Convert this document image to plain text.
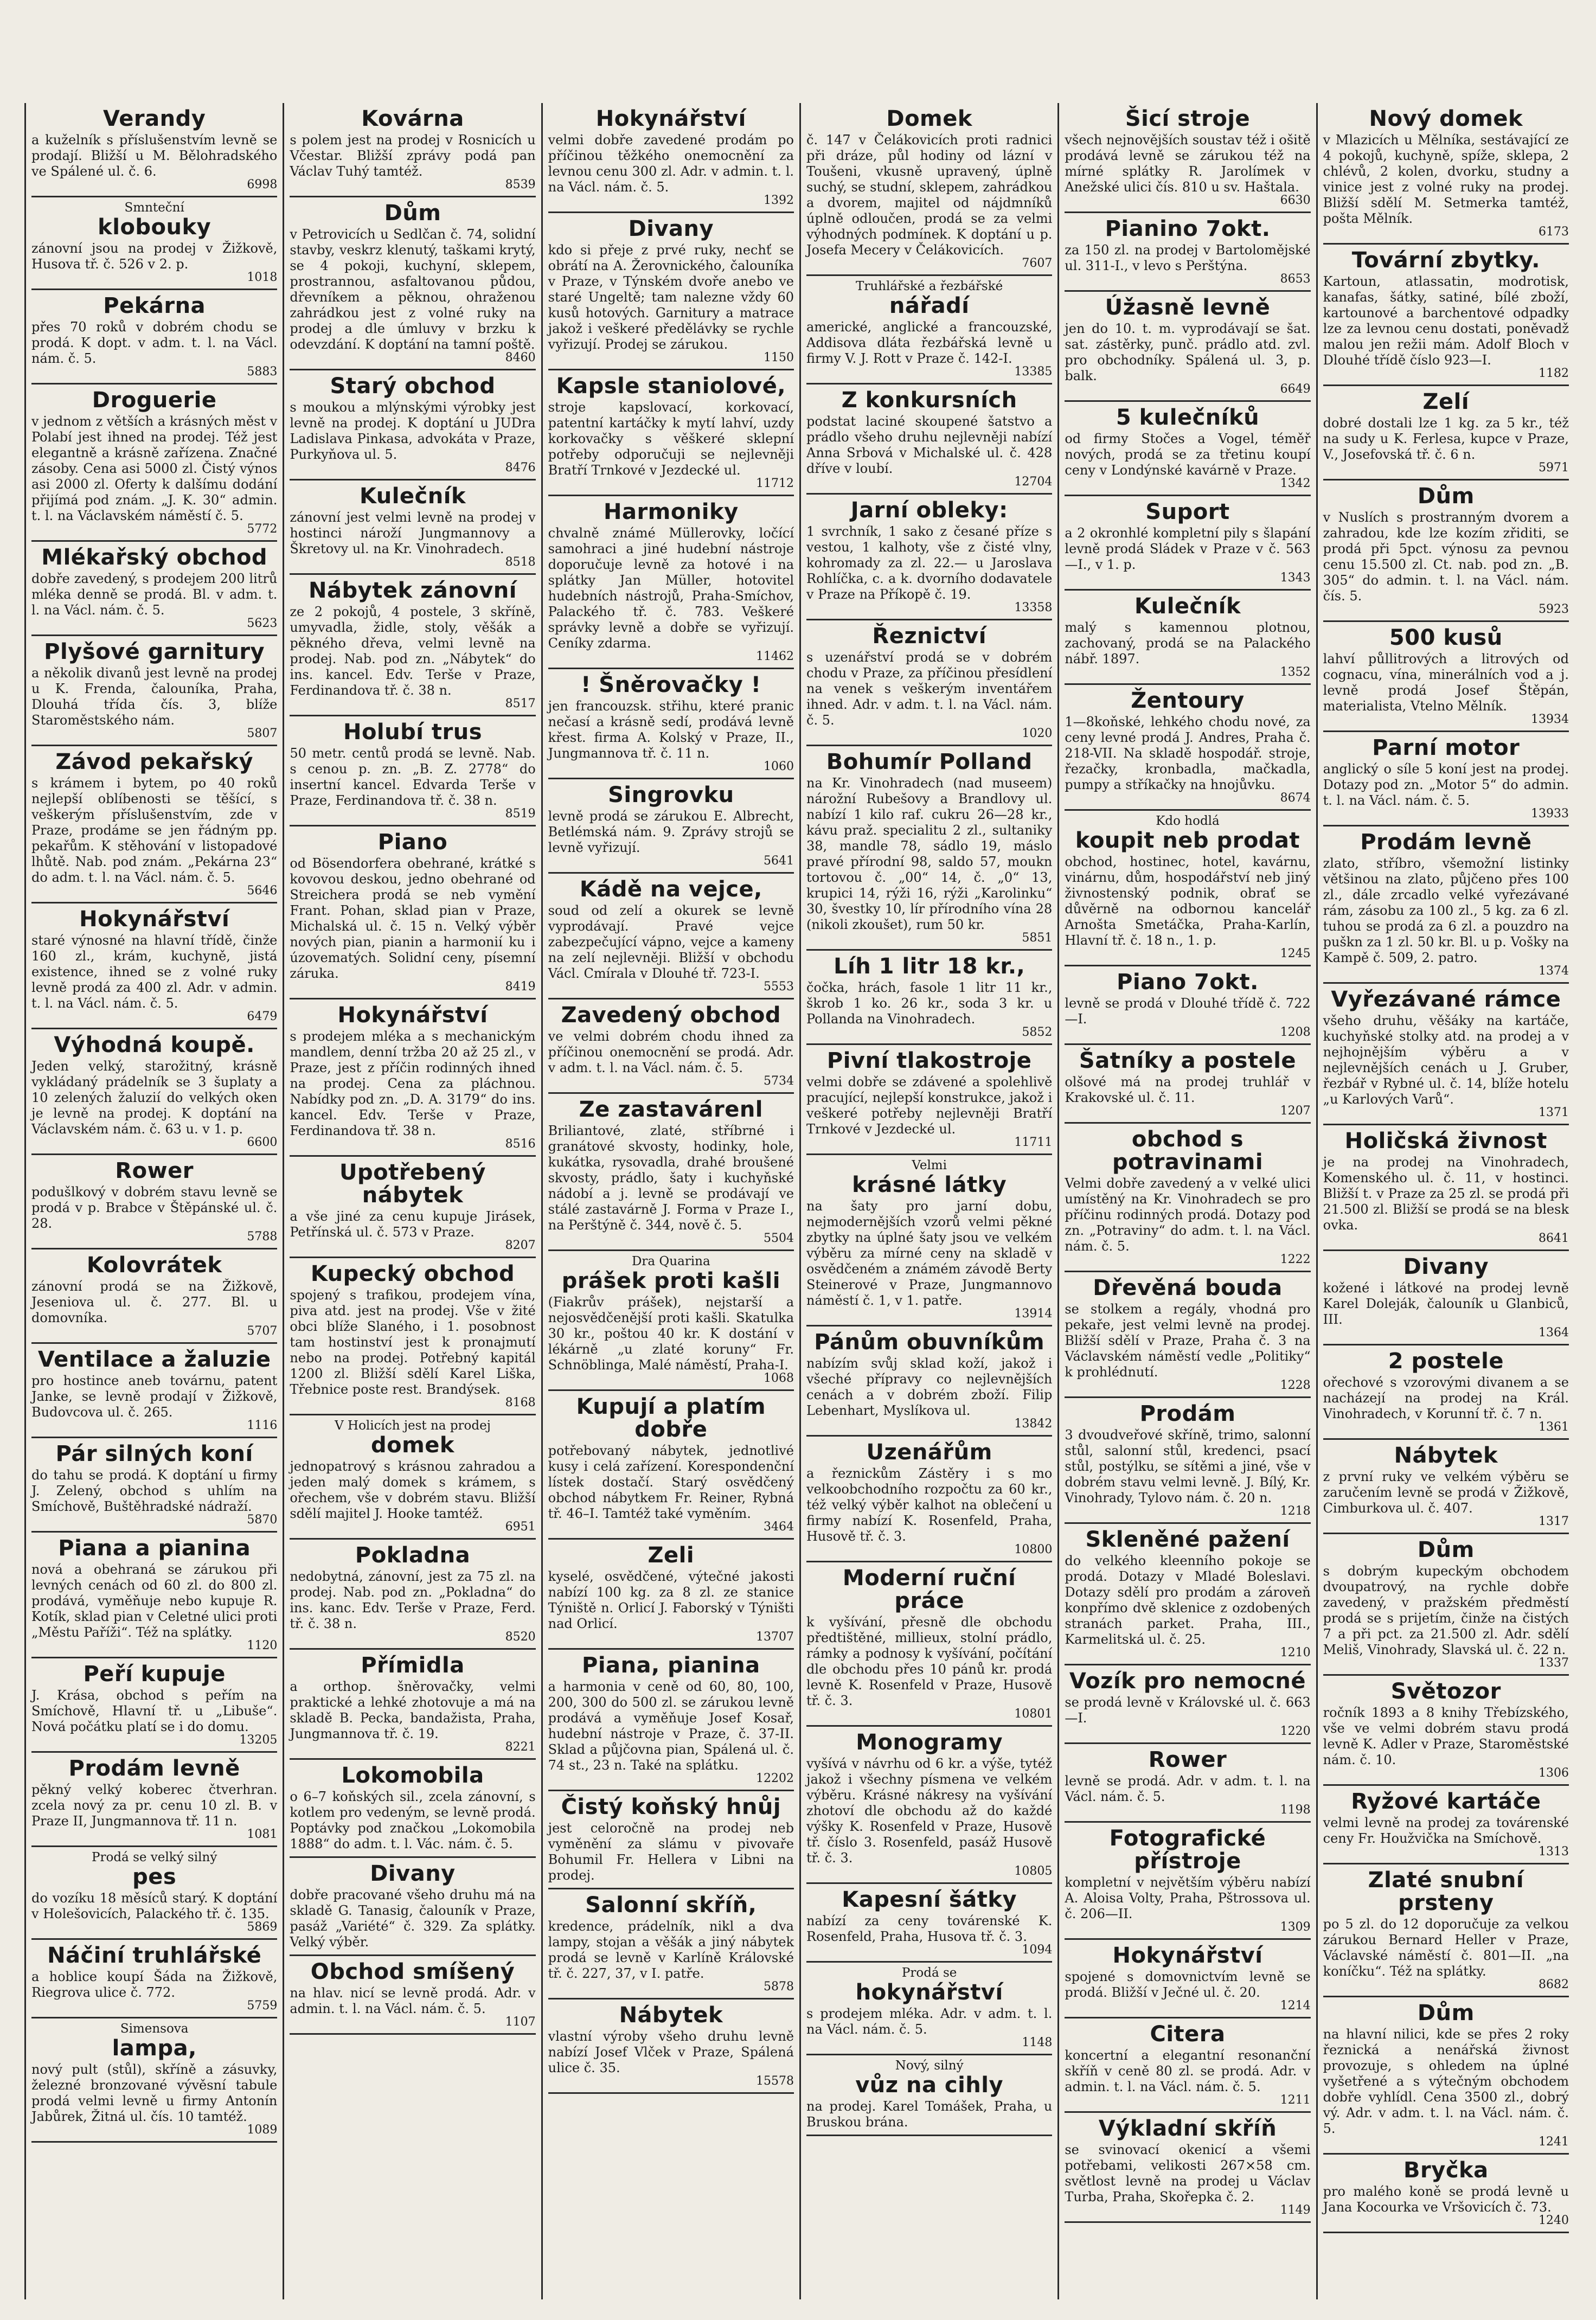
Verandy
a kuželník s příslušenstvím levně se prodají. Bližší u M. Bělohradského ve Spálené ul. č. 6.
6998
Smnteční
klobouky
zánovní jsou na prodej v Žižkově, Husova tř. č. 526 v 2. p.
1018
Pekárna
přes 70 roků v dobrém chodu se prodá. K dopt. v adm. t. l. na Václ. nám. č. 5.
5883
Droguerie
v jednom z větších a krásných měst v Polabí jest ihned na prodej. Též jest elegantně a krásně zařízena. Značné zásoby. Cena asi 5000 zl. Čistý výnos asi 2000 zl. Oferty k dalšímu dodání přijímá pod znám. „J. K. 30“ admin. t. l. na Václavském náměstí č. 5.
5772
Mlékařský obchod
dobře zavedený, s prodejem 200 litrů mléka denně se prodá. Bl. v adm. t. l. na Václ. nám. č. 5.
5623
Plyšové garnitury
a několik divanů jest levně na prodej u K. Frenda, čalouníka, Praha, Dlouhá třída čís. 3, blíže Staroměstského nám.
5807
Závod pekařský
s krámem i bytem, po 40 roků nejlepší oblíbenosti se těšící, s veškerým příslušenstvím, zde v Praze, prodáme se jen řádným pp. pekařům. K stěhování v listopadové lhůtě. Nab. pod znám. „Pekárna 23“ do adm. t. l. na Václ. nám. č. 5.
5646
Hokynářství
staré výnosné na hlavní třídě, činže 160 zl., krám, kuchyně, jistá existence, ihned se z volné ruky levně prodá za 400 zl. Adr. v admin. t. l. na Václ. nám. č. 5.
6479
Výhodná koupě.
Jeden velký, starožitný, krásně vykládaný prádelník se 3 šuplaty a 10 zelených žaluzií do velkých oken je levně na prodej. K doptání na Václavském nám. č. 63 u. v 1. p.
6600
Rower
podušlkový v dobrém stavu levně se prodá v p. Brabce v Štěpánské ul. č. 28.
5788
Kolovrátek
zánovní prodá se na Žižkově, Jeseniova ul. č. 277. Bl. u domovníka.
5707
Ventilace a žaluzie
pro hostince aneb továrnu, patent Janke, se levně prodají v Žižkově, Budovcova ul. č. 265.
1116
Pár silných koní
do tahu se prodá. K doptání u firmy J. Zelený, obchod s uhlím na Smíchově, Buštěhradské nádraží.
5870
Piana a pianina
nová a obehraná se zárukou při levných cenách od 60 zl. do 800 zl. prodává, vyměňuje nebo kupuje R. Kotík, sklad pian v Celetné ulici proti „Městu Paříži“. Též na splátky.
1120
Peří kupuje
J. Krása, obchod s peřím na Smíchově, Hlavní tř. u „Libuše“. Nová počátku platí se i do domu.
13205
Prodám levně
pěkný velký koberec čtverhran. zcela nový za pr. cenu 10 zl. B. v Praze II, Jungmannova tř. 11 n.
1081
Prodá se velký silný
pes
do vozíku 18 měsíců starý. K doptání v Holešovicích, Palackého tř. č. 135.
5869
Náčiní truhlářské
a hoblice koupí Šáda na Žižkově, Riegrova ulice č. 772.
5759
Simensova
lampa,
nový pult (stůl), skříně a zásuvky, železné bronzované vývěsní tabule prodá velmi levně u firmy Antonín Jabůrek, Žitná ul. čís. 10 tamtéž.
1089
Kovárna
s polem jest na prodej v Rosnicích u Včestar. Bližší zprávy podá pan Václav Tuhý tamtéž.
8539
Dům
v Petrovicích u Sedlčan č. 74, solidní stavby, veskrz klenutý, taškami krytý, se 4 pokoji, kuchyní, sklepem, prostrannou, asfaltovanou půdou, dřevníkem a pěknou, ohraženou zahrádkou jest z volné ruky na prodej a dle úmluvy v brzku k odevzdání. K doptání na tamní poště.
8460
Starý obchod
s moukou a mlýnskými výrobky jest levně na prodej. K doptání u JUDra Ladislava Pinkasa, advokáta v Praze, Purkyňova ul. 5.
8476
Kulečník
zánovní jest velmi levně na prodej v hostinci nároží Jungmannovy a Škretovy ul. na Kr. Vinohradech.
8518
Nábytek zánovní
ze 2 pokojů, 4 postele, 3 skříně, umyvadla, židle, stoly, věšák a pěkného dřeva, velmi levně na prodej. Nab. pod zn. „Nábytek“ do ins. kancel. Edv. Terše v Praze, Ferdinandova tř. č. 38 n.
8517
Holubí trus
50 metr. centů prodá se levně. Nab. s cenou p. zn. „B. Z. 2778“ do insertní kancel. Edvarda Terše v Praze, Ferdinandova tř. č. 38 n.
8519
Piano
od Bösendorfera obehrané, krátké s kovovou deskou, jedno obehrané od Streichera prodá se neb vymění Frant. Pohan, sklad pian v Praze, Michalská ul. č. 15 n. Velký výběr nových pian, pianin a harmonií ku i úzovematých. Solidní ceny, písemní záruka.
8419
Hokynářství
s prodejem mléka a s mechanickým mandlem, denní tržba 20 až 25 zl., v Praze, jest z příčin rodinných ihned na prodej. Cena za pláchnou. Nabídky pod zn. „D. A. 3179“ do ins. kancel. Edv. Terše v Praze, Ferdinandova tř. 38 n.
8516
Upotřebený nábytek
a vše jiné za cenu kupuje Jirásek, Petřínská ul. č. 573 v Praze.
8207
Kupecký obchod
spojený s trafikou, prodejem vína, piva atd. jest na prodej. Vše v žité obci blíže Slaného, i 1. posobnost tam hostinství jest k pronajmutí nebo na prodej. Potřebný kapitál 1200 zl. Bližší sdělí Karel Liška, Třebnice poste rest. Brandýsek.
8168
V Holicích jest na prodej
domek
jednopatrový s krásnou zahradou a jeden malý domek s krámem, s ořechem, vše v dobrém stavu. Bližší sdělí majitel J. Hooke tamtéž.
6951
Pokladna
nedobytná, zánovní, jest za 75 zl. na prodej. Nab. pod zn. „Pokladna“ do ins. kanc. Edv. Terše v Praze, Ferd. tř. č. 38 n.
8520
Přímidla
a orthop. šněrovačky, velmi praktické a lehké zhotovuje a má na skladě B. Pecka, bandažista, Praha, Jungmannova tř. č. 19.
8221
Lokomobila
o 6–7 koňských sil., zcela zánovní, s kotlem pro vedeným, se levně prodá. Poptávky pod značkou „Lokomobila 1888“ do adm. t. l. Vác. nám. č. 5.
Divany
dobře pracované všeho druhu má na skladě G. Tanasig, čalouník v Praze, pasáž „Variété“ č. 329. Za splátky. Velký výběr.
Obchod smíšený
na hlav. nicí se levně prodá. Adr. v admin. t. l. na Václ. nám. č. 5.
1107
Hokynářství
velmi dobře zavedené prodám po příčinou těžkého onemocnění za levnou cenu 300 zl. Adr. v admin. t. l. na Václ. nám. č. 5.
1392
Divany
kdo si přeje z prvé ruky, nechť se obrátí na A. Žerovnického, čalouníka v Praze, v Týnském dvoře anebo ve staré Ungeltě; tam nalezne vždy 60 kusů hotových. Garnitury a matrace jakož i veškeré předělávky se rychle vyřizují. Prodej se zárukou.
1150
Kapsle staniolové,
stroje kapslovací, korkovací, patentní kartáčky k mytí lahví, uzdy korkovačky s věškeré sklepní potřeby odporučuji se nejlevněji Bratří Trnkové v Jezdecké ul.
11712
Harmoniky
chvalně známé Müllerovky, ločící samohraci a jiné hudební nástroje doporučuje levně za hotové i na splátky Jan Müller, hotovitel hudebních nástrojů, Praha-Smíchov, Palackého tř. č. 783. Veškeré správky levně a dobře se vyřizují. Ceníky zdarma.
11462
! Šněrovačky !
jen francouzsk. střihu, které pranic nečasí a krásně sedí, prodává levně křest. firma A. Kolský v Praze, II., Jungmannova tř. č. 11 n.
1060
Singrovku
levně prodá se zárukou E. Albrecht, Betlémská nám. 9. Zprávy strojů se levně vyřizují.
5641
Kádě na vejce,
soud od zelí a okurek se levně vyprodávají. Pravé vejce zabezpečující vápno, vejce a kameny na zelí nejlevněji. Bližší v obchodu Václ. Cmírala v Dlouhé tř. 723-I.
5553
Zavedený obchod
ve velmi dobrém chodu ihned za příčinou onemocnění se prodá. Adr. v adm. t. l. na Václ. nám. č. 5.
5734
Ze zastavárenl
Briliantové, zlaté, stříbrné i granátové skvosty, hodinky, hole, kukátka, rysovadla, drahé broušené skvosty, prádlo, šaty i kuchyňské nádobí a j. levně se prodávají ve stálé zastavárně J. Forma v Praze I., na Perštýně č. 344, nově č. 5.
5504
Dra Quarina
prášek proti kašli
(Fiakrův prášek), nejstarší a nejosvědčenější proti kašli. Skatulka 30 kr., poštou 40 kr. K dostání v lékárně „u zlaté koruny“ Fr. Schnöblinga, Malé náměstí, Praha-I.
1068
Kupují a platím dobře
potřebovaný nábytek, jednotlivé kusy i celá zařízení. Korespondenční lístek dostačí. Starý osvědčený obchod nábytkem Fr. Reiner, Rybná tř. 46–I. Tamtéž také vyměním.
3464
Zeli
kyselé, osvědčené, výtečné jakosti nabízí 100 kg. za 8 zl. ze stanice Týniště n. Orlicí J. Faborský v Týništi nad Orlicí.
13707
Piana, pianina
a harmonia v ceně od 60, 80, 100, 200, 300 do 500 zl. se zárukou levně prodává a vyměňuje Josef Kosař, hudební nástroje v Praze, č. 37-II. Sklad a půjčovna pian, Spálená ul. č. 74 st., 23 n. Také na splátku.
12202
Čistý koňský hnůj
jest celoročně na prodej neb vyměnění za slámu v pivovaře Bohumil Fr. Hellera v Libni na prodej.
Salonní skříň,
kredence, prádelník, nikl a dva lampy, stojan a věšák a jiný nábytek prodá se levně v Karlíně Královské tř. č. 227, 37, v I. patře.
5878
Nábytek
vlastní výroby všeho druhu levně nabízí Josef Vlček v Praze, Spálená ulice č. 35.
15578
Domek
č. 147 v Čelákovicích proti radnici při dráze, půl hodiny od lázní v Toušeni, vkusně upravený, úplně suchý, se studní, sklepem, zahrádkou a dvorem, majitel od nájdmníků úplně odloučen, prodá se za velmi výhodných podmínek. K doptání u p. Josefa Mecery v Čelákovicích.
7607
Truhlářské a řezbářské
nářadí
americké, anglické a francouzské, Addisova dláta řezbářská levně u firmy V. J. Rott v Praze č. 142-I.
13385
Z konkursních
podstat laciné skoupené šatstvo a prádlo všeho druhu nejlevněji nabízí Anna Srbová v Michalské ul. č. 428 dříve v loubí.
12704
Jarní obleky:
1 svrchník, 1 sako z česané příze s vestou, 1 kalhoty, vše z čisté vlny, kohromady za zl. 22.— u Jaroslava Rohlíčka, c. a k. dvorního dodavatele v Praze na Příkopě č. 19.
13358
Řeznictví
s uzenářství prodá se v dobrém chodu v Praze, za příčinou přesídlení na venek s veškerým inventářem ihned. Adr. v adm. t. l. na Václ. nám. č. 5.
1020
Bohumír Polland
na Kr. Vinohradech (nad museem) nárožní Rubešovy a Brandlovy ul. nabízí 1 kilo raf. cukru 26—28 kr., kávu praž. specialitu 2 zl., sultaniky 38, mandle 78, sádlo 19, máslo pravé přírodní 98, saldo 57, moukn tortovou č. „00“ 14, č. „0“ 13, krupici 14, rýži 16, rýži „Karolinku“ 30, švestky 10, lír přírodního vína 28 (nikoli zkoušet), rum 50 kr.
5851
Líh 1 litr 18 kr.,
čočka, hrách, fasole 1 litr 11 kr., škrob 1 ko. 26 kr., soda 3 kr. u Pollanda na Vinohradech.
5852
Pivní tlakostroje
velmi dobře se zdávené a spolehlivě pracující, nejlepší konstrukce, jakož i veškeré potřeby nejlevněji Bratří Trnkové v Jezdecké ul.
11711
Velmi
krásné látky
na šaty pro jarní dobu, nejmodernějších vzorů velmi pěkné zbytky na úplné šaty jsou ve velkém výběru za mírné ceny na skladě v osvědčeném a známém závodě Berty Steinerové v Praze, Jungmannovo náměstí č. 1, v 1. patře.
13914
Pánům obuvníkům
nabízím svůj sklad koží, jakož i všeché přípravy co nejlevnějších cenách a v dobrém zboží. Filip Lebenhart, Myslíkova ul.
13842
Uzenářům
a řeznickům Zástěry i s mo velkoobchodního rozpočtu za 60 kr., též velký výběr kalhot na oblečení u firmy nabízí K. Rosenfeld, Praha, Husově tř. č. 3.
10800
Moderní ruční práce
k vyšívání, přesně dle obchodu předtištěné, millieux, stolní prádlo, rámky a podnosy k vyšívání, počítání dle obchodu přes 10 pánů kr. prodá levně K. Rosenfeld v Praze, Husově tř. č. 3.
10801
Monogramy
vyšívá v návrhu od 6 kr. a výše, tytéž jakož i všechny písmena ve velkém výběru. Krásné nákresy na vyšívání zhotoví dle obchodu až do každé výšky K. Rosenfeld v Praze, Husově tř. číslo 3. Rosenfeld, pasáž Husově tř. č. 3.
10805
Kapesní šátky
nabízí za ceny továrenské K. Rosenfeld, Praha, Husova tř. č. 3.
1094
Prodá se
hokynářství
s prodejem mléka. Adr. v adm. t. l. na Václ. nám. č. 5.
1148
Nový, silný
vůz na cihly
na prodej. Karel Tomášek, Praha, u Bruskou brána.
Šicí stroje
všech nejnovějších soustav též i ošitě prodává levně se zárukou též na mírné splátky R. Jarolímek v Anežské ulici čís. 810 u sv. Haštala.
6630
Pianino 7okt.
za 150 zl. na prodej v Bartolomějské ul. 311-I., v levo s Perštýna.
8653
Úžasně levně
jen do 10. t. m. vyprodávají se šat. sat. zástěrky, punč. prádlo atd. zvl. pro obchodníky. Spálená ul. 3, p. balk.
6649
5 kulečníků
od firmy Stočes a Vogel, téměř nových, prodá se za třetinu koupí ceny v Londýnské kavárně v Praze.
1342
Suport
a 2 okronhlé kompletní pily s šlapání levně prodá Sládek v Praze v č. 563—I., v 1. p.
1343
Kulečník
malý s kamennou plotnou, zachovaný, prodá se na Palackého nábř. 1897.
1352
Žentoury
1—8koňské, lehkého chodu nové, za ceny levné prodá J. Andres, Praha č. 218-VII. Na skladě hospodář. stroje, řezačky, kronbadla, mačkadla, pumpy a stříkačky na hnojůvku.
8674
Kdo hodlá
koupit neb prodat
obchod, hostinec, hotel, kavárnu, vinárnu, dům, hospodářství neb jiný živnostenský podnik, obrať se důvěrně na odbornou kancelář Arnošta Smetáčka, Praha-Karlín, Hlavní tř. č. 18 n., 1. p.
1245
Piano 7okt.
levně se prodá v Dlouhé třídě č. 722—I.
1208
Šatníky a postele
olšové má na prodej truhlář v Krakovské ul. č. 11.
1207
obchod s potravinami
Velmi dobře zavedený a v velké ulici umístěný na Kr. Vinohradech se pro příčinu rodinných prodá. Dotazy pod zn. „Potraviny“ do adm. t. l. na Václ. nám. č. 5.
1222
Dřevěná bouda
se stolkem a regály, vhodná pro pekaře, jest velmi levně na prodej. Bližší sdělí v Praze, Praha č. 3 na Václavském náměstí vedle „Politiky“ k prohlédnutí.
1228
Prodám
3 dvoudveřové skříně, trimo, salonní stůl, salonní stůl, kredenci, psací stůl, postýlku, se sítěmi a jiné, vše v dobrém stavu velmi levně. J. Bílý, Kr. Vinohrady, Tylovo nám. č. 20 n.
1218
Skleněné pažení
do velkého kleenního pokoje se prodá. Dotazy v Mladé Boleslavi. Dotazy sdělí pro prodám a zároveň konpřímo dvě sklenice z ozdobených stranách parket. Praha, III., Karmelitská ul. č. 25.
1210
Vozík pro nemocné
se prodá levně v Královské ul. č. 663—I.
1220
Rower
levně se prodá. Adr. v adm. t. l. na Václ. nám. č. 5.
1198
Fotografické přístroje
kompletní v největším výběru nabízí A. Aloisa Volty, Praha, Pštrossova ul. č. 206—II.
1309
Hokynářství
spojené s domovnictvím levně se prodá. Bližší v Ječné ul. č. 20.
1214
Citera
koncertní a elegantní resonanční skříň v ceně 80 zl. se prodá. Adr. v admin. t. l. na Václ. nám. č. 5.
1211
Výkladní skříň
se svinovací okenicí a všemi potřebami, velikosti 267×58 cm. světlost levně na prodej u Václav Turba, Praha, Skořepka č. 2.
1149
Nový domek
v Mlazicích u Mělníka, sestávající ze 4 pokojů, kuchyně, spíže, sklepa, 2 chlévů, 2 kolen, dvorku, studny a vinice jest z volné ruky na prodej. Bližší sdělí M. Setmerka tamtéž, pošta Mělník.
6173
Tovární zbytky.
Kartoun, atlassatin, modrotisk, kanafas, šátky, satiné, bílé zboží, kartounové a barchentové odpadky lze za levnou cenu dostati, poněvadž malou jen režii mám. Adolf Bloch v Dlouhé třídě číslo 923—I.
1182
Zelí
dobré dostali lze 1 kg. za 5 kr., též na sudy u K. Ferlesa, kupce v Praze, V., Josefovská tř. č. 6 n.
5971
Dům
v Nuslích s prostranným dvorem a zahradou, kde lze kozím zřiditi, se prodá při 5pct. výnosu za pevnou cenu 15.500 zl. Ct. nab. pod zn. „B. 305“ do admin. t. l. na Václ. nám. čís. 5.
5923
500 kusů
lahví půllitrových a litrových od cognacu, vína, minerálních vod a j. levně prodá Josef Štěpán, materialista, Vtelno Mělník.
13934
Parní motor
anglický o síle 5 koní jest na prodej. Dotazy pod zn. „Motor 5“ do admin. t. l. na Václ. nám. č. 5.
13933
Prodám levně
zlato, stříbro, všemožní listinky většinou na zlato, půjčeno přes 100 zl., dále zrcadlo velké vyřezávané rám, zásobu za 100 zl., 5 kg. za 6 zl. tuhou se prodá za 6 zl. a pouzdro na puškn za 1 zl. 50 kr. Bl. u p. Vošky na Kampě č. 509, 2. patro.
1374
Vyřezávané rámce
všeho druhu, věšáky na kartáče, kuchyňské stolky atd. na prodej a v nejhojnějším výběru a v nejlevnějších cenách u J. Gruber, řezbář v Rybné ul. č. 14, blíže hotelu „u Karlových Varů“.
1371
Holičská živnost
je na prodej na Vinohradech, Komenského ul. č. 11, v hostinci. Bližší t. v Praze za 25 zl. se prodá při 21.500 zl. Bližší se prodá se na blesk ovka.
8641
Divany
kožené i látkové na prodej levně Karel Doleják, čalouník u Glanbiců, III.
1364
2 postele
ořechové s vzorovými divanem a se nacházejí na prodej na Král. Vinohradech, v Korunní tř. č. 7 n.
1361
Nábytek
z první ruky ve velkém výběru se zaručením levně se prodá v Žižkově, Cimburkova ul. č. 407.
1317
Dům
s dobrým kupeckým obchodem dvoupatrový, na rychle dobře zavedený, v pražském předměstí prodá se s prijetím, činže na čistých 7 a při pct. za 21.500 zl. Adr. sdělí Meliš, Vinohrady, Slavská ul. č. 22 n.
1337
Světozor
ročník 1893 a 8 knihy Třebízského, vše ve velmi dobrém stavu prodá levně K. Adler v Praze, Staroměstské nám. č. 10.
1306
Ryžové kartáče
velmi levně na prodej za továrenské ceny Fr. Houžvička na Smíchově.
1313
Zlaté snubní prsteny
po 5 zl. do 12 doporučuje za velkou zárukou Bernard Heller v Praze, Václavské náměstí č. 801—II. „na koníčku“. Též na splátky.
8682
Dům
na hlavní nilici, kde se přes 2 roky řeznická a nenářská živnost provozuje, s ohledem na úplné vyšetřené a s výtečným obchodem dobře vyhlídl. Cena 3500 zl., dobrý vý. Adr. v adm. t. l. na Václ. nám. č. 5.
1241
Bryčka
pro malého koně se prodá levně u Jana Kocourka ve Vršovicích č. 73.
1240
